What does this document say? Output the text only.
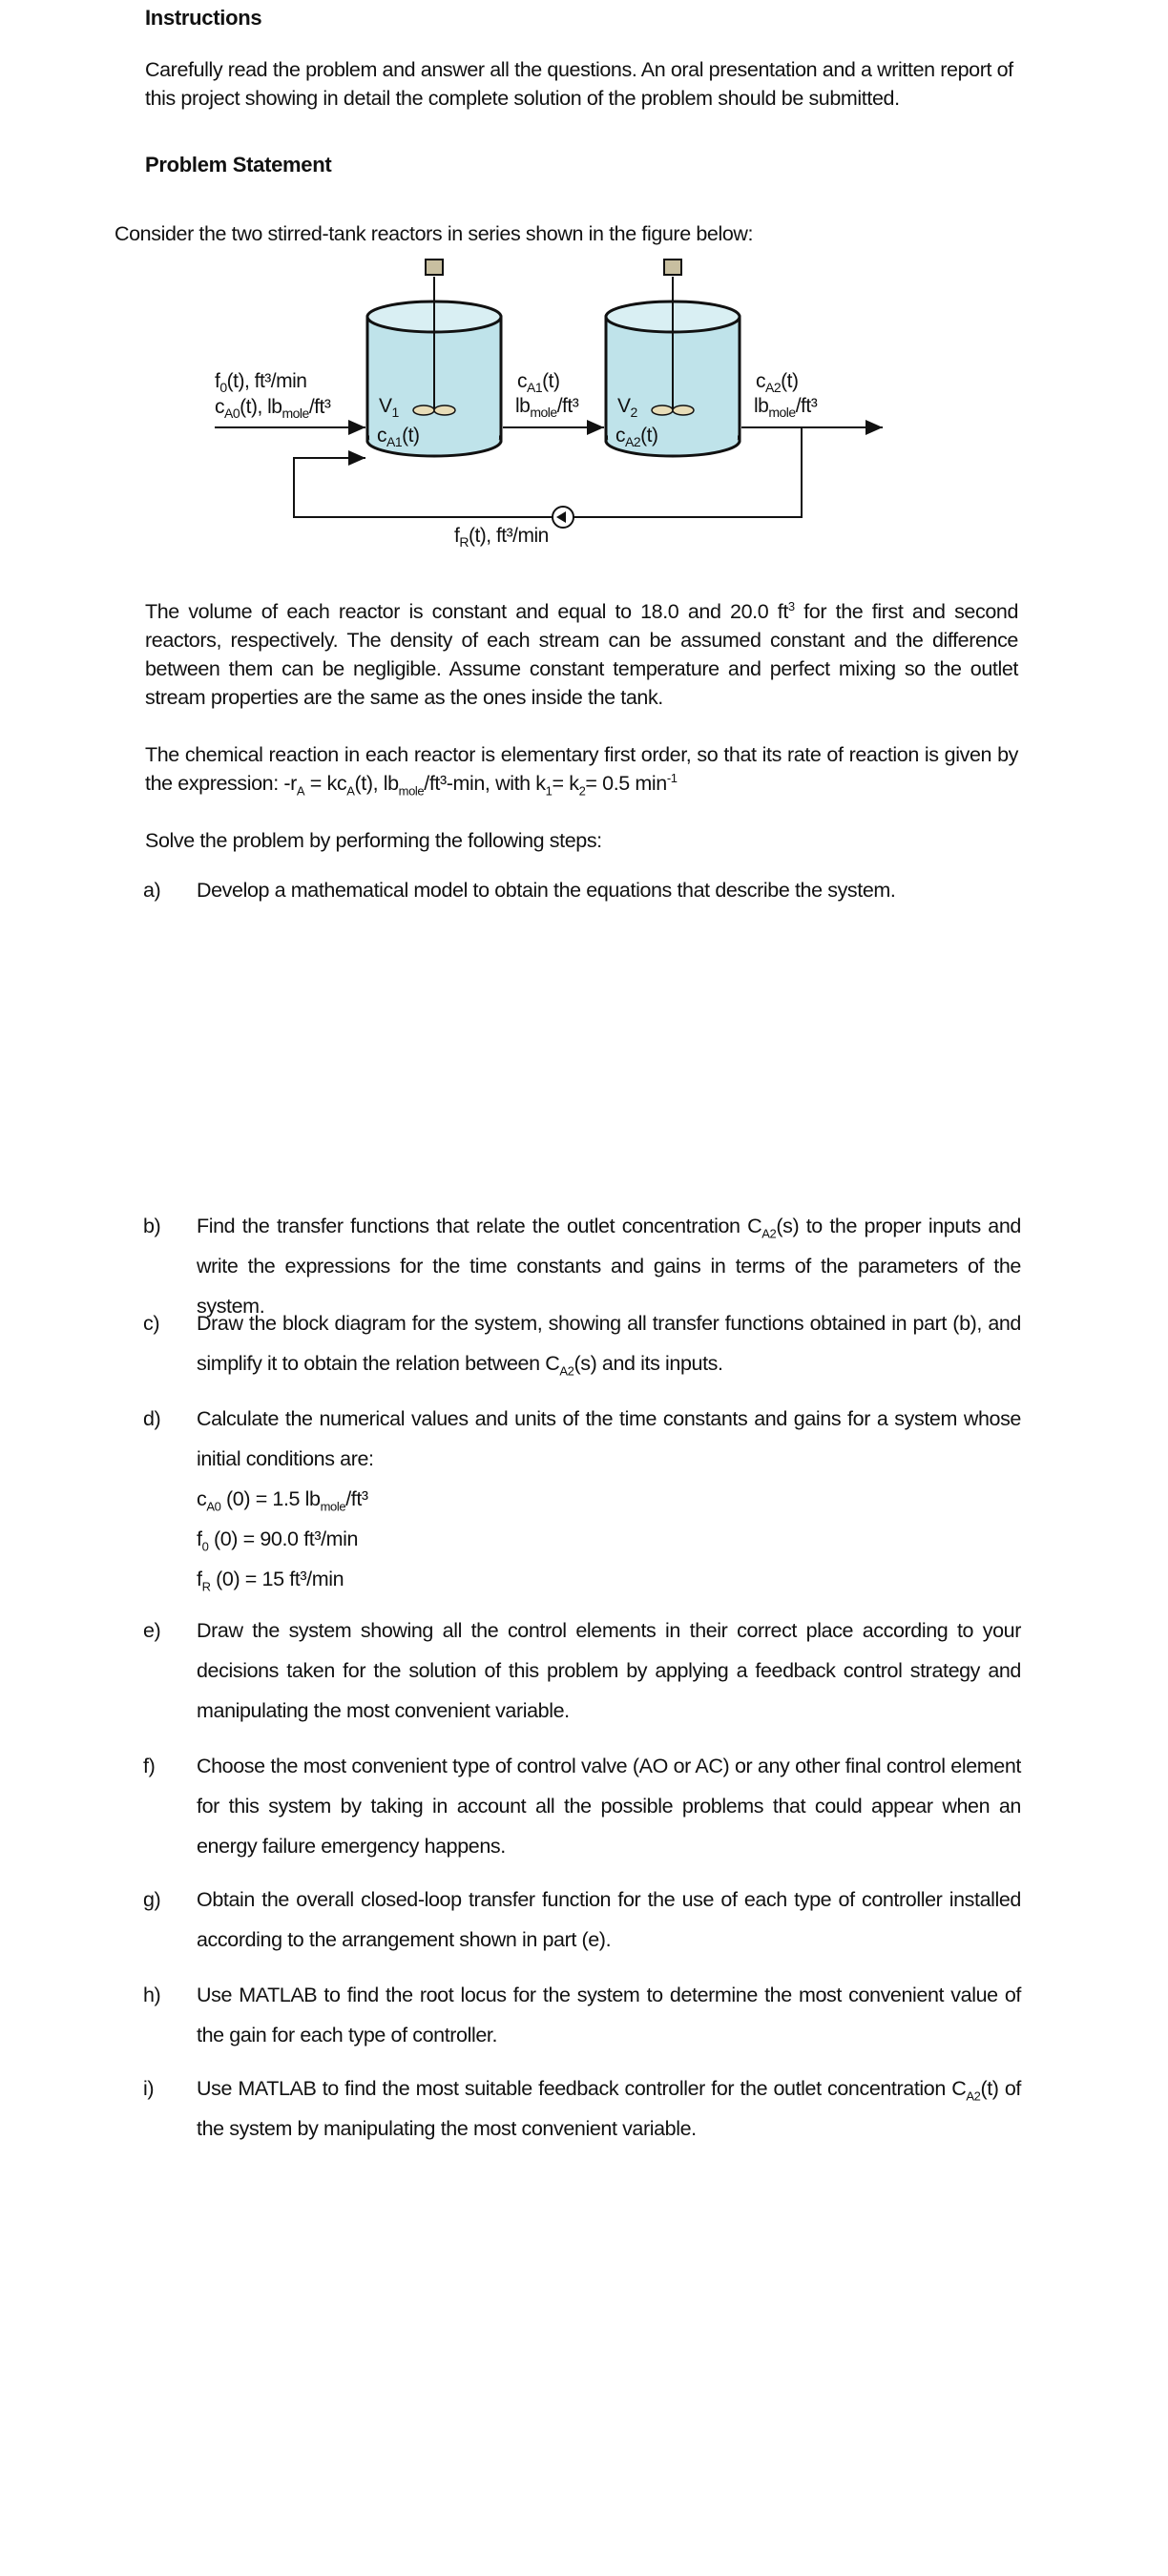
Instructions
Carefully read the problem and answer all the questions. An oral presentation and a written report of this project showing in detail the complete solution of the problem should be submitted.
Problem Statement
Consider the two stirred-tank reactors in series shown in the figure below:
$f_0(t)$, ft³/min
$c_{A0}(t)$, $lb_{mole}$/ft³ $V_1$
$c_{A1}(t)$
$c_{A1}(t)$
$lb_{mole}$/ft³ $V_2$
$c_{A2}(t)$
$c_{A2}(t)$
$lb_{mole}$/ft³
$f_R(t)$, ft³/min
The volume of each reactor is constant and equal to 18.0 and 20.0 $ft^3$ for the first and second reactors, respectively. The density of each stream can be assumed constant and the difference between them can be negligible. Assume constant temperature and perfect mixing so the outlet stream properties are the same as the ones inside the tank.
The chemical reaction in each reactor is elementary first order, so that its rate of reaction is given by the expression: $-r_A = kc_A(t)$, $lb_{mole}/ft^3-\min$, with $k_1= k_2= 0.5$ $\min^{-1}$
Solve the problem by performing the following steps:
a) Develop a mathematical model to obtain the equations that describe the system.
b) Find the transfer functions that relate the outlet concentration $C_{A2}(s)$ to the proper inputs and write the expressions for the time constants and gains in terms of the parameters of the system.
c) Draw the block diagram for the system, showing all transfer functions obtained in part (b), and simplify it to obtain the relation between $C_{A2}(s)$ and its inputs.
d) Calculate the numerical values and units of the time constants and gains for a system whose initial conditions are:
$c_{A0}$ (0) = 1.5 $lb_{mole}$/ft³
$f_0$ (0) = 90.0 ft³/min
$f_R$ (0) = 15 ft³/min
e) Draw the system showing all the control elements in their correct place according to your decisions taken for the solution of this problem by applying a feedback control strategy and manipulating the most convenient variable.
f) Choose the most convenient type of control valve (AO or AC) or any other final control element for this system by taking in account all the possible problems that could appear when an energy failure emergency happens.
g) Obtain the overall closed-loop transfer function for the use of each type of controller installed according to the arrangement shown in part (e).
h) Use MATLAB to find the root locus for the system to determine the most convenient value of the gain for each type of controller.
i) Use MATLAB to find the most suitable feedback controller for the outlet concentration $C_{A2}(t)$ of the system by manipulating the most convenient variable.
